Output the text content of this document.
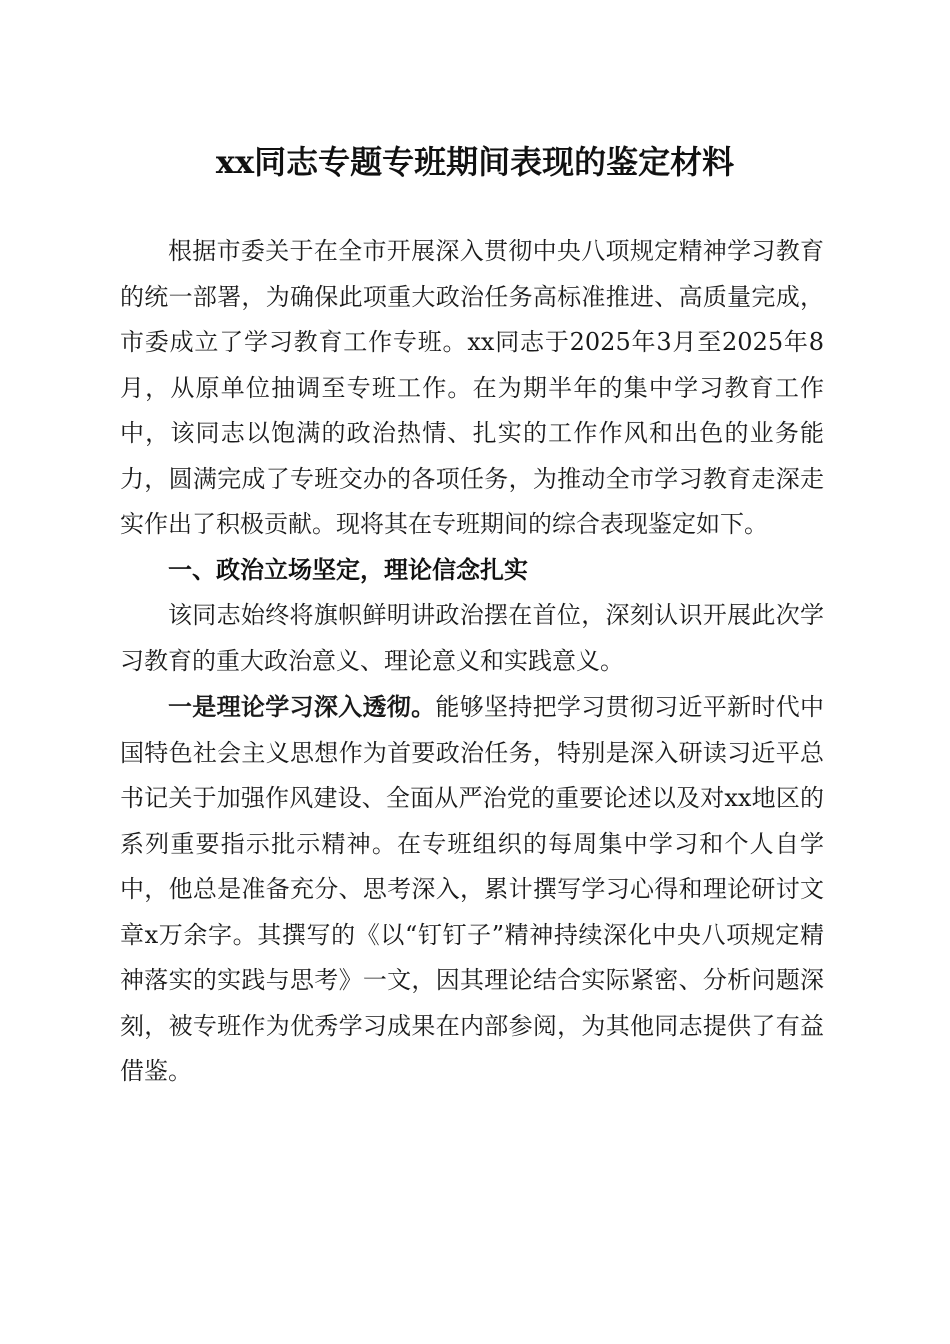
xx同志专题专班期间表现的鉴定材料

根据市委关于在全市开展深入贯彻中央八项规定精神学习教育的统一部署，为确保此项重大政治任务高标准推进、高质量完成，市委成立了学习教育工作专班。xx同志于2025年3月至2025年8月，从原单位抽调至专班工作。在为期半年的集中学习教育工作中，该同志以饱满的政治热情、扎实的工作作风和出色的业务能力，圆满完成了专班交办的各项任务，为推动全市学习教育走深走实作出了积极贡献。现将其在专班期间的综合表现鉴定如下。

一、政治立场坚定，理论信念扎实

该同志始终将旗帜鲜明讲政治摆在首位，深刻认识开展此次学习教育的重大政治意义、理论意义和实践意义。

一是理论学习深入透彻。能够坚持把学习贯彻习近平新时代中国特色社会主义思想作为首要政治任务，特别是深入研读习近平总书记关于加强作风建设、全面从严治党的重要论述以及对xx地区的系列重要指示批示精神。在专班组织的每周集中学习和个人自学中，他总是准备充分、思考深入，累计撰写学习心得和理论研讨文章x万余字。其撰写的《以“钉钉子”精神持续深化中央八项规定精神落实的实践与思考》一文，因其理论结合实际紧密、分析问题深刻，被专班作为优秀学习成果在内部参阅，为其他同志提供了有益借鉴。
